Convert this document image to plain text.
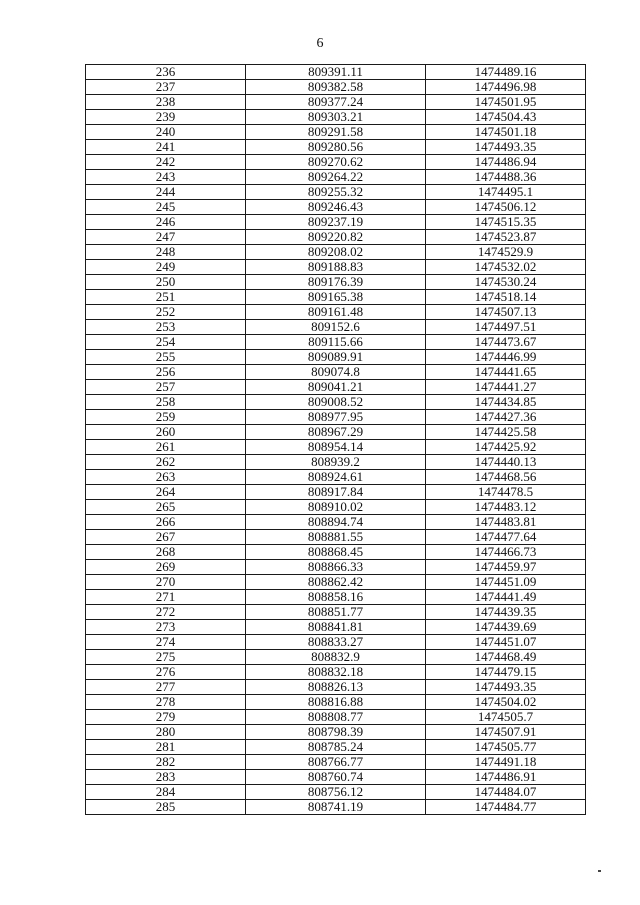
6
236	809391.11	1474489.16
237	809382.58	1474496.98
238	809377.24	1474501.95
239	809303.21	1474504.43
240	809291.58	1474501.18
241	809280.56	1474493.35
242	809270.62	1474486.94
243	809264.22	1474488.36
244	809255.32	1474495.1
245	809246.43	1474506.12
246	809237.19	1474515.35
247	809220.82	1474523.87
248	809208.02	1474529.9
249	809188.83	1474532.02
250	809176.39	1474530.24
251	809165.38	1474518.14
252	809161.48	1474507.13
253	809152.6	1474497.51
254	809115.66	1474473.67
255	809089.91	1474446.99
256	809074.8	1474441.65
257	809041.21	1474441.27
258	809008.52	1474434.85
259	808977.95	1474427.36
260	808967.29	1474425.58
261	808954.14	1474425.92
262	808939.2	1474440.13
263	808924.61	1474468.56
264	808917.84	1474478.5
265	808910.02	1474483.12
266	808894.74	1474483.81
267	808881.55	1474477.64
268	808868.45	1474466.73
269	808866.33	1474459.97
270	808862.42	1474451.09
271	808858.16	1474441.49
272	808851.77	1474439.35
273	808841.81	1474439.69
274	808833.27	1474451.07
275	808832.9	1474468.49
276	808832.18	1474479.15
277	808826.13	1474493.35
278	808816.88	1474504.02
279	808808.77	1474505.7
280	808798.39	1474507.91
281	808785.24	1474505.77
282	808766.77	1474491.18
283	808760.74	1474486.91
284	808756.12	1474484.07
285	808741.19	1474484.77
